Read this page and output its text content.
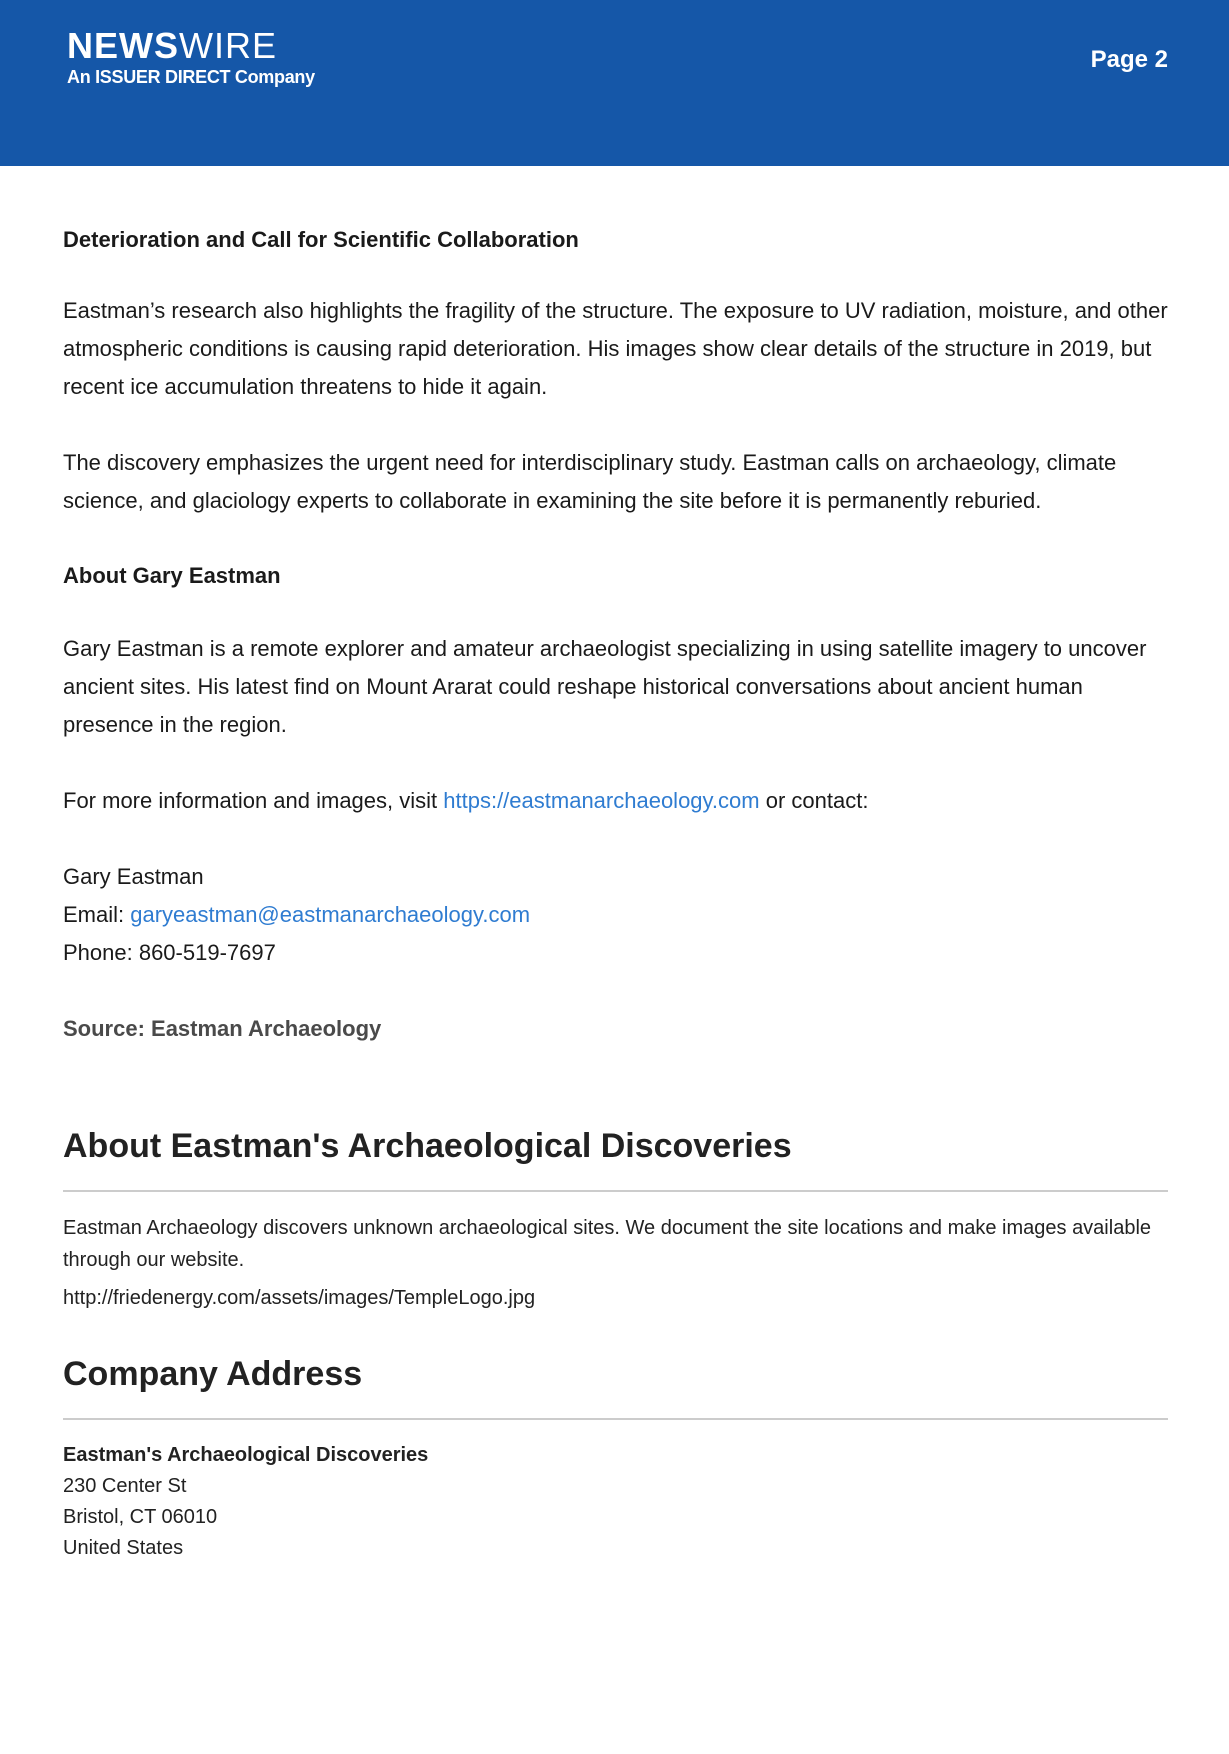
NEWSWIRE
An ISSUER DIRECT Company
Page 2

Deterioration and Call for Scientific Collaboration

Eastman’s research also highlights the fragility of the structure. The exposure to UV radiation, moisture, and other atmospheric conditions is causing rapid deterioration. His images show clear details of the structure in 2019, but recent ice accumulation threatens to hide it again.

The discovery emphasizes the urgent need for interdisciplinary study. Eastman calls on archaeology, climate science, and glaciology experts to collaborate in examining the site before it is permanently reburied.

About Gary Eastman

Gary Eastman is a remote explorer and amateur archaeologist specializing in using satellite imagery to uncover ancient sites. His latest find on Mount Ararat could reshape historical conversations about ancient human presence in the region.

For more information and images, visit https://eastmanarchaeology.com or contact:

Gary Eastman

Email: garyeastman@eastmanarchaeology.com

Phone: 860-519-7697

Source: Eastman Archaeology

About Eastman's Archaeological Discoveries

Eastman Archaeology discovers unknown archaeological sites. We document the site locations and make images available through our website.

http://friedenergy.com/assets/images/TempleLogo.jpg

Company Address

Eastman's Archaeological Discoveries

230 Center St

Bristol, CT 06010

United States
